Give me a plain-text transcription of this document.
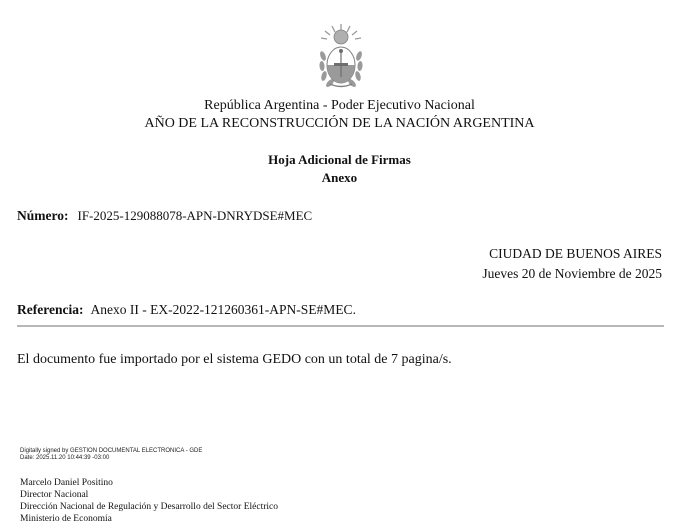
República Argentina - Poder Ejecutivo Nacional
AÑO DE LA RECONSTRUCCIÓN DE LA NACIÓN ARGENTINA
Hoja Adicional de Firmas
Anexo
Número: IF-2025-129088078-APN-DNRYDSE#MEC
CIUDAD DE BUENOS AIRES
Jueves 20 de Noviembre de 2025
Referencia: Anexo II - EX-2022-121260361-APN-SE#MEC.
El documento fue importado por el sistema GEDO con un total de 7 pagina/s.
Digitally signed by GESTION DOCUMENTAL ELECTRONICA - GDE
Date: 2025.11.20 10:44:39 -03:00
Marcelo Daniel Positino
Director Nacional
Dirección Nacional de Regulación y Desarrollo del Sector Eléctrico
Ministerio de Economía
